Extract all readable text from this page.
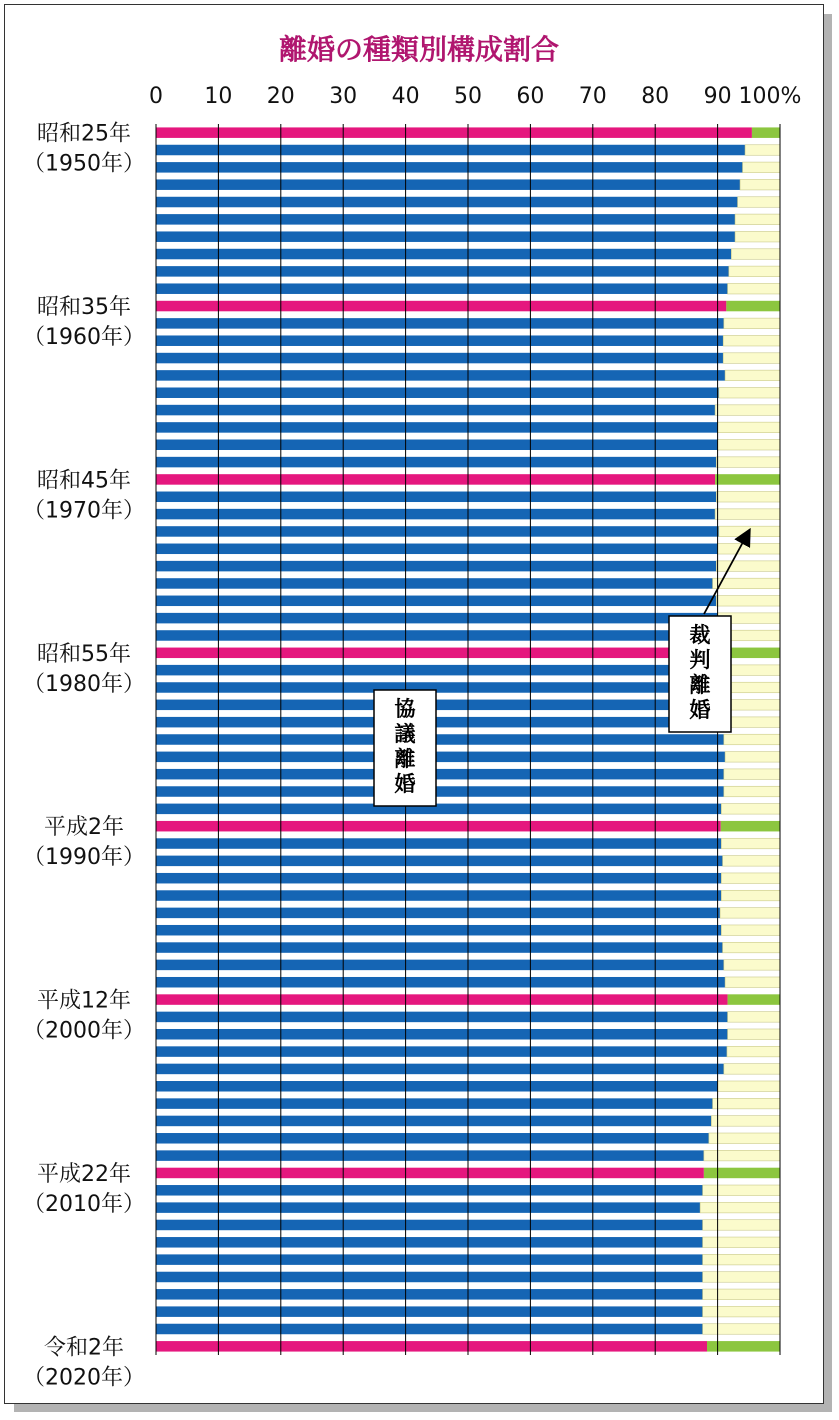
離婚の種類別構成割合
0 10 20 30 40 50 60 70 80 90 100%
昭和25年
（1950年）
昭和35年
（1960年）
昭和45年
（1970年）
昭和55年
（1980年）
平成2年
（1990年）
平成12年
（2000年）
平成22年
（2010年）
令和2年
（2020年）
協議離婚
裁判離婚
